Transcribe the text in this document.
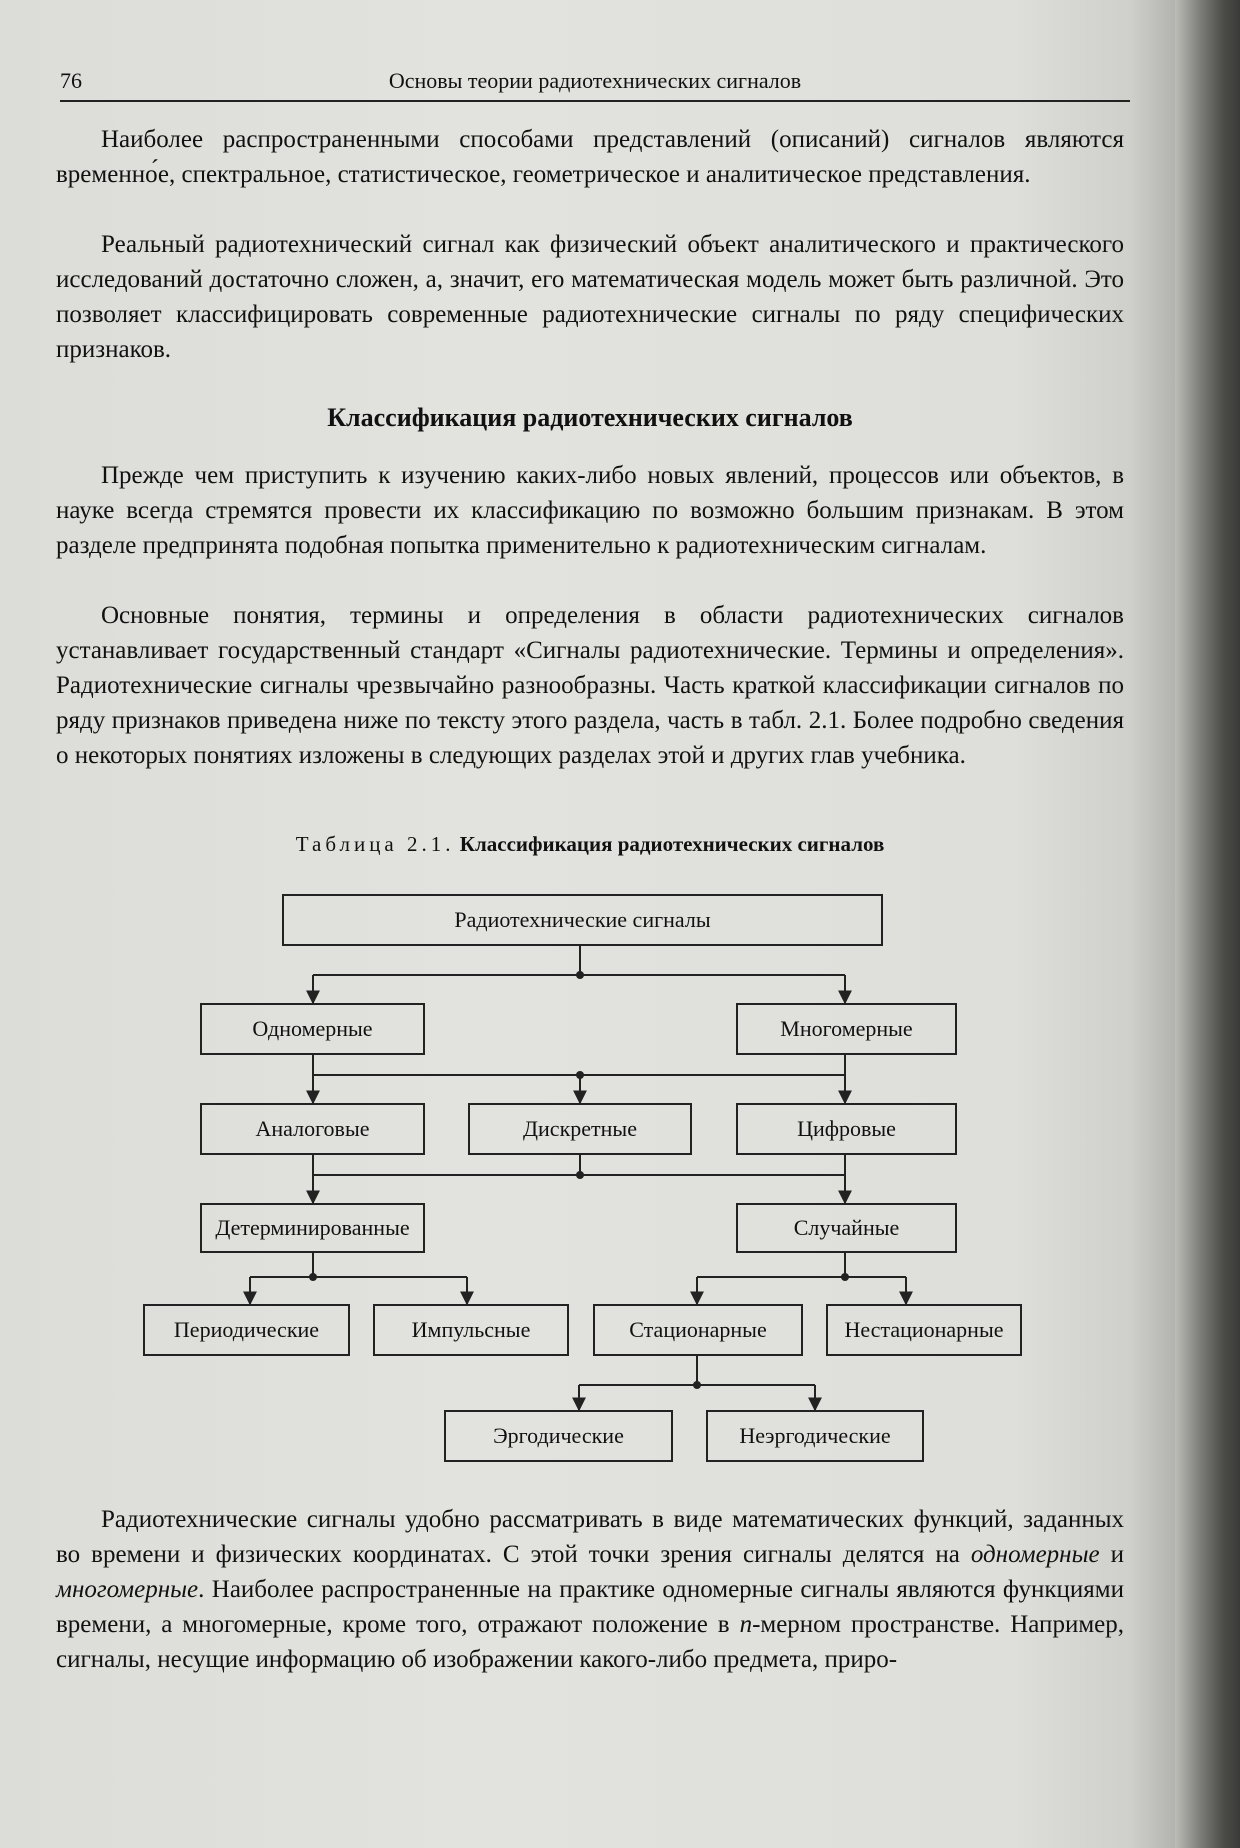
76	Основы теории радиотехнических сигналов

Наиболее распространенными способами представлений (описаний) сигналов являются временно́е, спектральное, статистическое, геометрическое и аналитическое представления.

Реальный радиотехнический сигнал как физический объект аналитического и практического исследований достаточно сложен, а, значит, его математическая модель может быть различной. Это позволяет классифицировать современные радиотехнические сигналы по ряду специфических признаков.

Классификация радиотехнических сигналов

Прежде чем приступить к изучению каких-либо новых явлений, процессов или объектов, в науке всегда стремятся провести их классификацию по возможно большим признакам. В этом разделе предпринята подобная попытка применительно к радиотехническим сигналам.

Основные понятия, термины и определения в области радиотехнических сигналов устанавливает государственный стандарт «Сигналы радиотехнические. Термины и определения». Радиотехнические сигналы чрезвычайно разнообразны. Часть краткой классификации сигналов по ряду признаков приведена ниже по тексту этого раздела, часть в табл. 2.1. Более подробно сведения о некоторых понятиях изложены в следующих разделах этой и других глав учебника.

Таблица 2.1. Классификация радиотехнических сигналов
Радиотехнические сигналы
Одномерные	Многомерные
Аналоговые	Дискретные	Цифровые
Детерминированные	Случайные
Периодические	Импульсные	Стационарные	Нестационарные
Эргодические	Неэргодические

Радиотехнические сигналы удобно рассматривать в виде математических функций, заданных во времени и физических координатах. С этой точки зрения сигналы делятся на одномерные и многомерные. Наиболее распространенные на практике одномерные сигналы являются функциями времени, а многомерные, кроме того, отражают положение в n-мерном пространстве. Например, сигналы, несущие информацию об изображении какого-либо предмета, приро-
